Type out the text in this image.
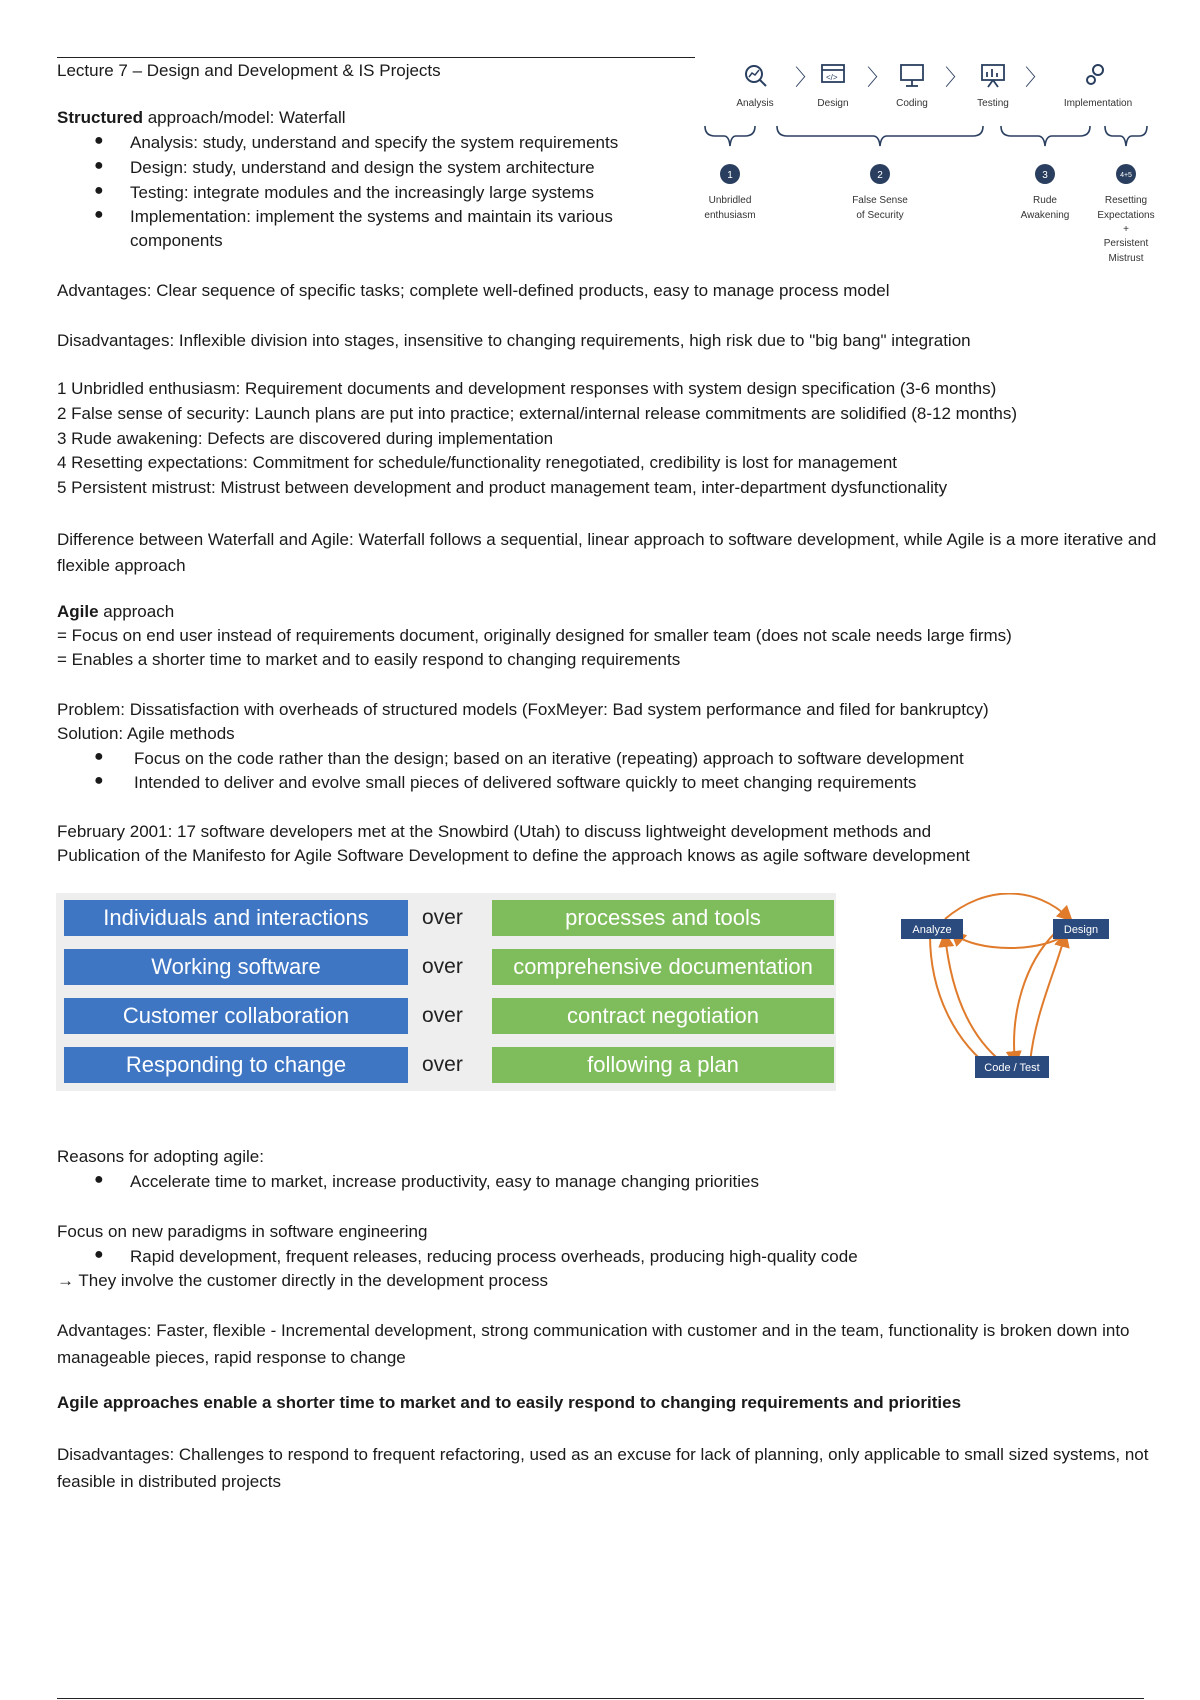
Lecture 7 – Design and Development & IS Projects
Structured approach/model: Waterfall
● Analysis: study, understand and specify the system requirements
● Design: study, understand and design the system architecture
● Testing: integrate modules and the increasingly large systems
● Implementation: implement the systems and maintain its various
components
〉 </> 〉	〉	〉
Analysis	Design	Coding	Testing	Implementation
1	2	3	4+5
Unbridled
enthusiasm
False Sense
of Security
Rude
Awakening
Resetting
Expectations
+
Persistent
Mistrust
Advantages: Clear sequence of specific tasks; complete well-defined products, easy to manage process model
Disadvantages: Inflexible division into stages, insensitive to changing requirements, high risk due to "big bang" integration
1 Unbridled enthusiasm: Requirement documents and development responses with system design specification (3-6 months)
2 False sense of security: Launch plans are put into practice; external/internal release commitments are solidified (8-12 months)
3 Rude awakening: Defects are discovered during implementation
4 Resetting expectations: Commitment for schedule/functionality renegotiated, credibility is lost for management
5 Persistent mistrust: Mistrust between development and product management team, inter-department dysfunctionality
Difference between Waterfall and Agile: Waterfall follows a sequential, linear approach to software development, while Agile is a more iterative and flexible approach
Agile approach
= Focus on end user instead of requirements document, originally designed for smaller team (does not scale needs large firms)
= Enables a shorter time to market and to easily respond to changing requirements
Problem: Dissatisfaction with overheads of structured models (FoxMeyer: Bad system performance and filed for bankruptcy)
Solution: Agile methods
● Focus on the code rather than the design; based on an iterative (repeating) approach to software development
● Intended to deliver and evolve small pieces of delivered software quickly to meet changing requirements
February 2001: 17 software developers met at the Snowbird (Utah) to discuss lightweight development methods and
Publication of the Manifesto for Agile Software Development to define the approach knows as agile software development
Individuals and interactions	over	processes and tools
Working software	over	comprehensive documentation
Customer collaboration	over	contract negotiation
Responding to change	over	following a plan
Analyze	Design
Code / Test
Reasons for adopting agile:
● Accelerate time to market, increase productivity, easy to manage changing priorities
Focus on new paradigms in software engineering
● Rapid development, frequent releases, reducing process overheads, producing high-quality code
→ They involve the customer directly in the development process
Advantages: Faster, flexible - Incremental development, strong communication with customer and in the team, functionality is broken down into manageable pieces, rapid response to change
Agile approaches enable a shorter time to market and to easily respond to changing requirements and priorities
Disadvantages: Challenges to respond to frequent refactoring, used as an excuse for lack of planning, only applicable to small sized systems, not feasible in distributed projects
